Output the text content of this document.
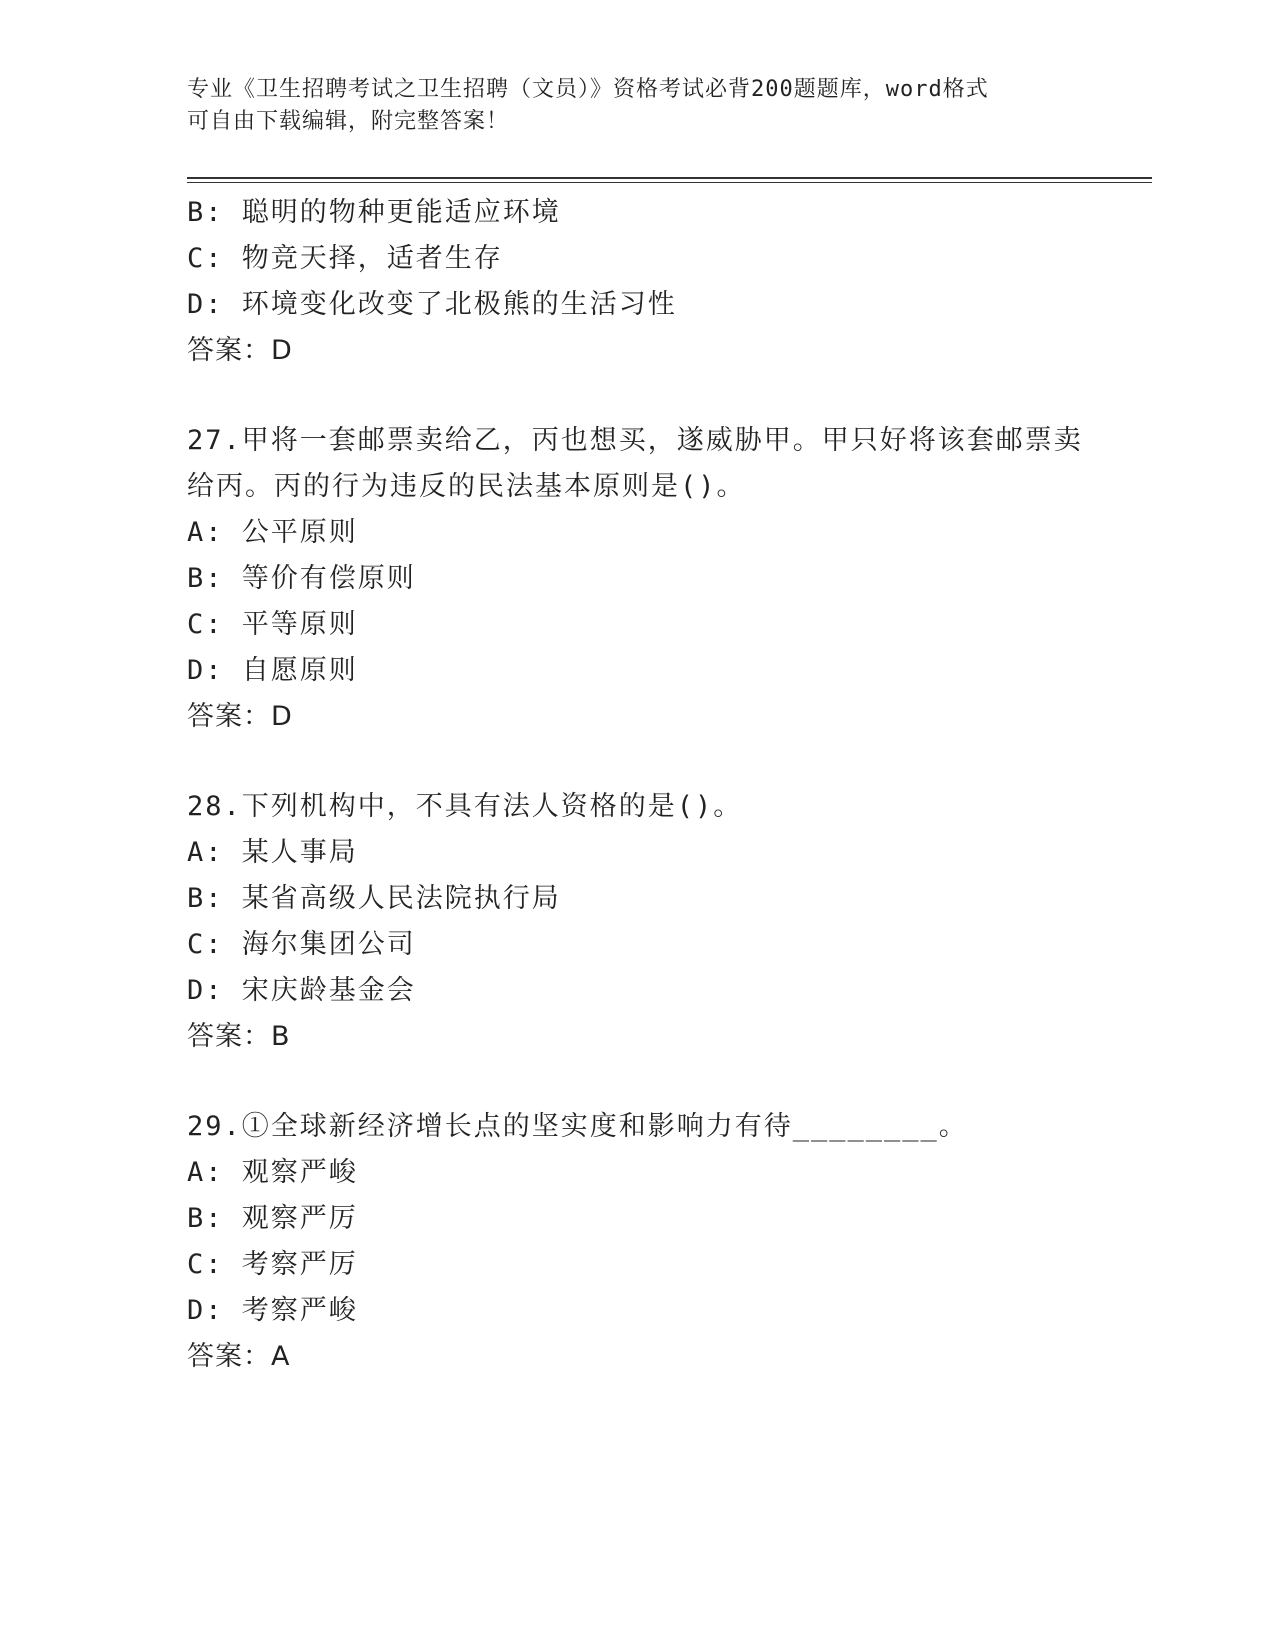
专业《卫生招聘考试之卫生招聘（文员）》资格考试必背200题题库，word格式
可自由下载编辑，附完整答案！

B: 聪明的物种更能适应环境

C: 物竞天择，适者生存

D: 环境变化改变了北极熊的生活习性

答案：D

27.甲将一套邮票卖给乙，丙也想买，遂威胁甲。甲只好将该套邮票卖

给丙。丙的行为违反的民法基本原则是()。

A: 公平原则

B: 等价有偿原则

C: 平等原则

D: 自愿原则

答案：D

28.下列机构中，不具有法人资格的是()。

A: 某人事局

B: 某省高级人民法院执行局

C: 海尔集团公司

D: 宋庆龄基金会

答案：B

29.①全球新经济增长点的坚实度和影响力有待________。

A: 观察严峻

B: 观察严厉

C: 考察严厉

D: 考察严峻

答案：A
